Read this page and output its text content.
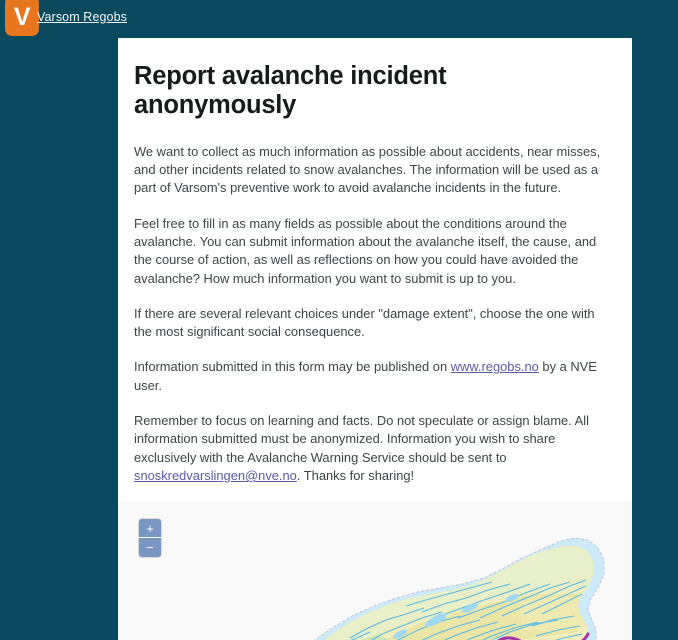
V Varsom Regobs
Report avalanche incident anonymously

We want to collect as much information as possible about accidents, near misses, and other incidents related to snow avalanches. The information will be used as a part of Varsom's preventive work to avoid avalanche incidents in the future.

Feel free to fill in as many fields as possible about the conditions around the avalanche. You can submit information about the avalanche itself, the cause, and the course of action, as well as reflections on how you could have avoided the avalanche? How much information you want to submit is up to you.

If there are several relevant choices under "damage extent", choose the one with the most significant social consequence.

Information submitted in this form may be published on www.regobs.no by a NVE user.

Remember to focus on learning and facts. Do not speculate or assign blame. All information submitted must be anonymized. Information you wish to share exclusively with the Avalanche Warning Service should be sent to snoskredvarslingen@nve.no. Thanks for sharing!

+
−
